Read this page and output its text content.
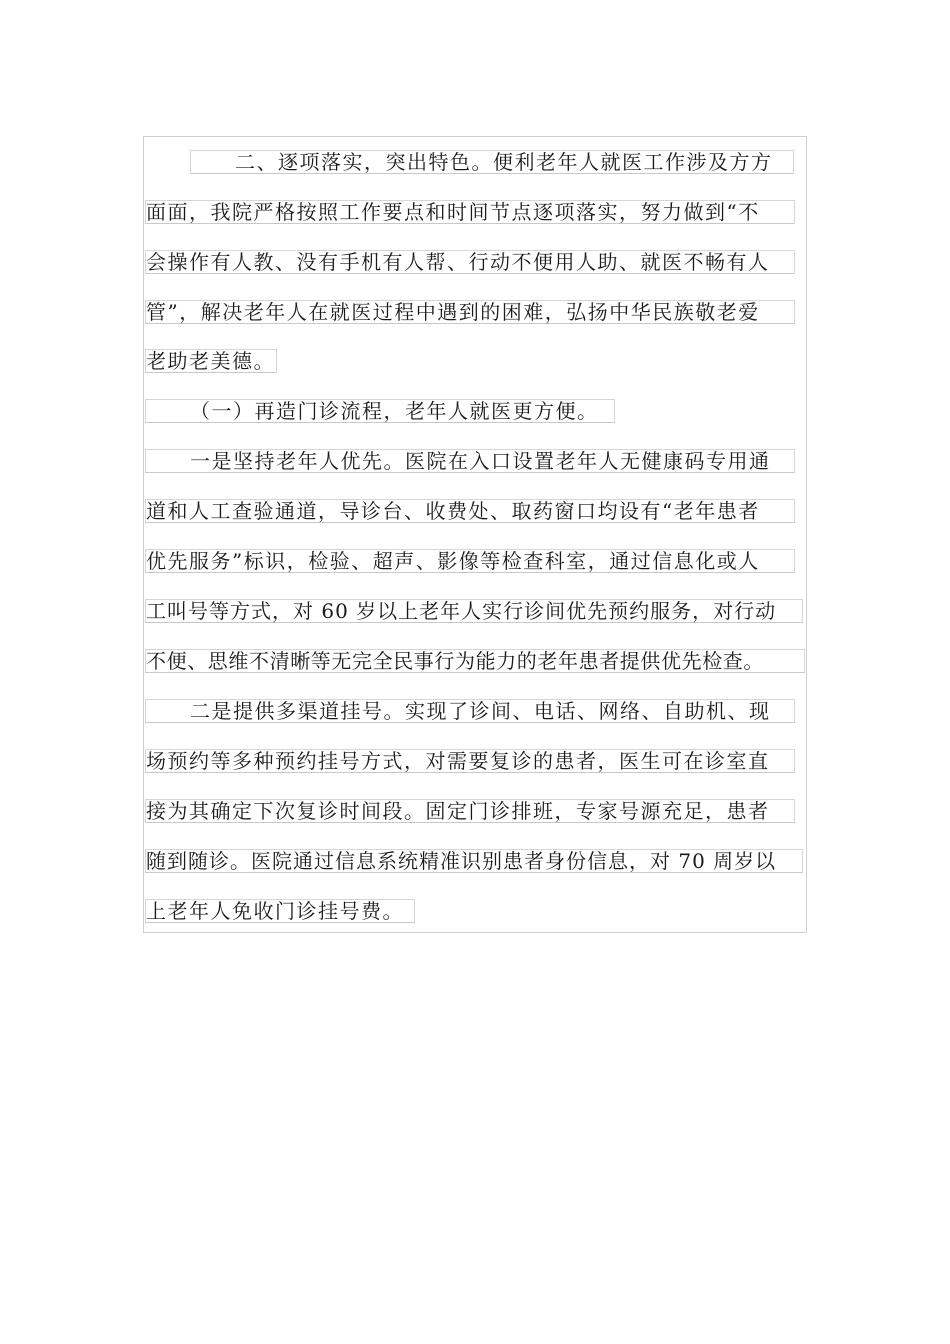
二、逐项落实，突出特色。便利老年人就医工作涉及方方
面面，我院严格按照工作要点和时间节点逐项落实，努力做到“不
会操作有人教、没有手机有人帮、行动不便用人助、就医不畅有人
管”，解决老年人在就医过程中遇到的困难，弘扬中华民族敬老爱
老助老美德。
（一）再造门诊流程，老年人就医更方便。
一是坚持老年人优先。医院在入口设置老年人无健康码专用通
道和人工查验通道，导诊台、收费处、取药窗口均设有“老年患者
优先服务”标识，检验、超声、影像等检查科室，通过信息化或人
工叫号等方式，对 60 岁以上老年人实行诊间优先预约服务，对行动
不便、思维不清晰等无完全民事行为能力的老年患者提供优先检查。
二是提供多渠道挂号。实现了诊间、电话、网络、自助机、现
场预约等多种预约挂号方式，对需要复诊的患者，医生可在诊室直
接为其确定下次复诊时间段。固定门诊排班，专家号源充足，患者
随到随诊。医院通过信息系统精准识别患者身份信息，对 70 周岁以
上老年人免收门诊挂号费。
